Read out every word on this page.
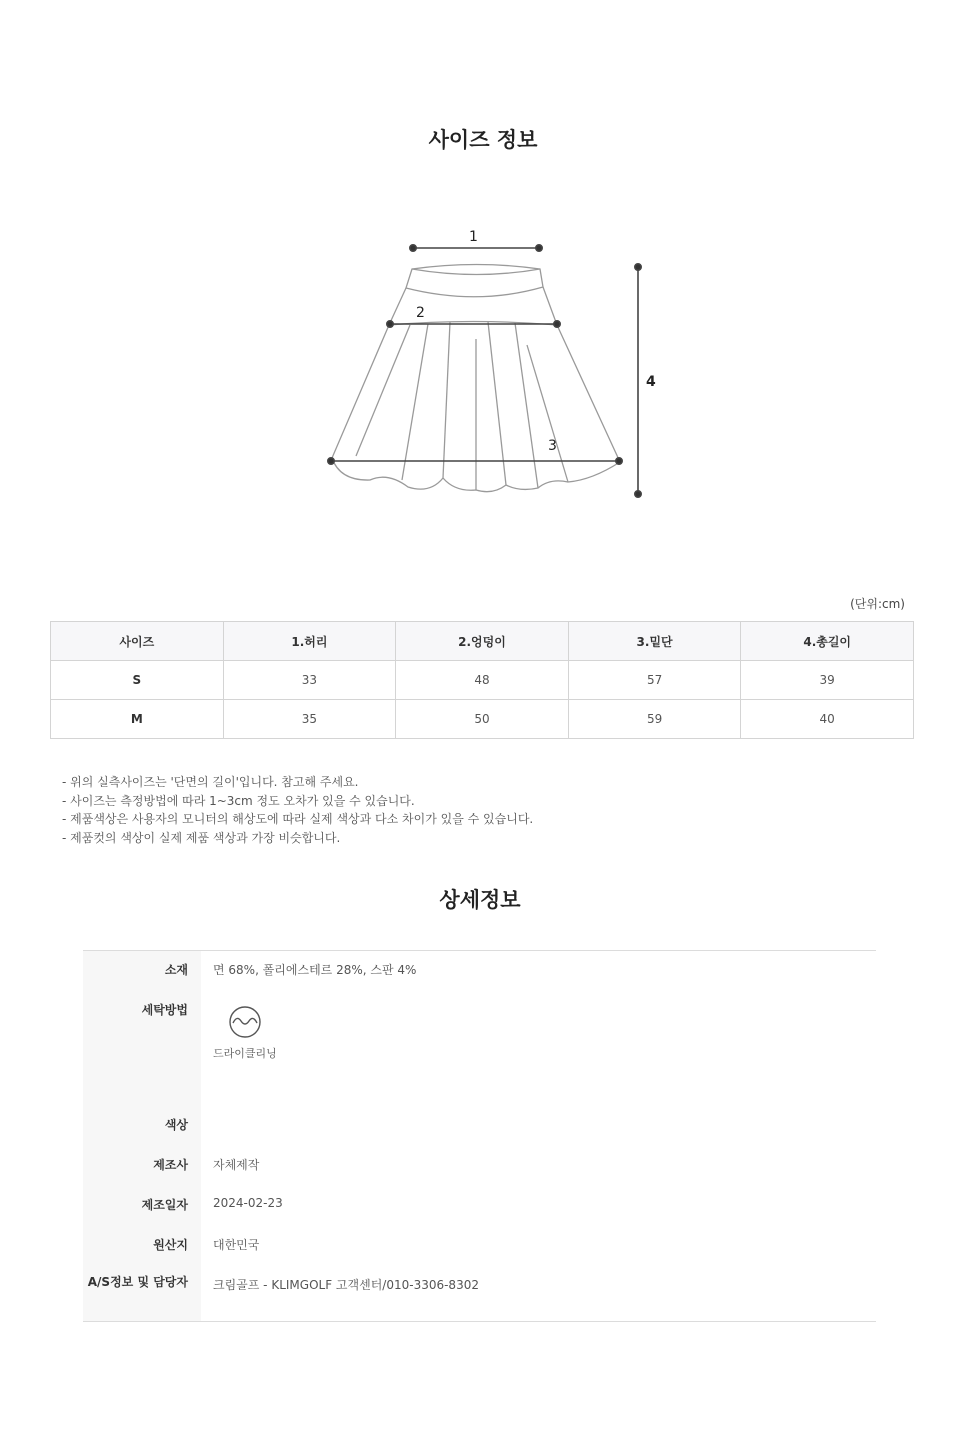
사이즈 정보
1
2
3
4
(단위:cm)
사이즈	1.허리	2.엉덩이	3.밑단	4.총길이
S	33	48	57	39
M	35	50	59	40
- 위의 실측사이즈는 '단면의 길이'입니다. 참고해 주세요.
- 사이즈는 측정방법에 따라 1~3cm 정도 오차가 있을 수 있습니다.
- 제품색상은 사용자의 모니터의 해상도에 따라 실제 색상과 다소 차이가 있을 수 있습니다.
- 제품컷의 색상이 실제 제품 색상과 가장 비슷합니다.
상세정보
소재	면 68%, 폴리에스테르 28%, 스판 4%
세탁방법	드라이클리닝
색상	
제조사	자체제작
제조일자	2024-02-23
원산지	대한민국
A/S정보 및 담당자	크림골프 - KLIMGOLF 고객센터/010-3306-8302
